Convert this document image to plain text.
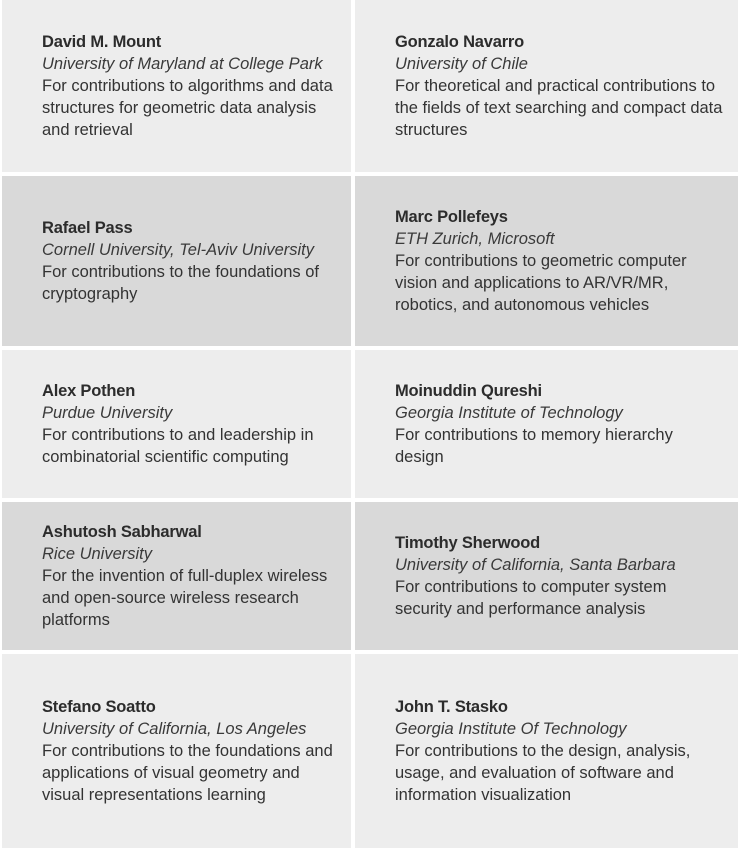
David M. Mount
University of Maryland at College Park
For contributions to algorithms and data structures for geometric data analysis and retrieval
Gonzalo Navarro
University of Chile
For theoretical and practical contributions to the fields of text searching and compact data structures
Rafael Pass
Cornell University, Tel-Aviv University
For contributions to the foundations of cryptography
Marc Pollefeys
ETH Zurich, Microsoft
For contributions to geometric computer vision and applications to AR/VR/MR, robotics, and autonomous vehicles
Alex Pothen
Purdue University
For contributions to and leadership in combinatorial scientific computing
Moinuddin Qureshi
Georgia Institute of Technology
For contributions to memory hierarchy design
Ashutosh Sabharwal
Rice University
For the invention of full-duplex wireless and open-source wireless research platforms
Timothy Sherwood
University of California, Santa Barbara
For contributions to computer system security and performance analysis
Stefano Soatto
University of California, Los Angeles
For contributions to the foundations and applications of visual geometry and visual representations learning
John T. Stasko
Georgia Institute Of Technology
For contributions to the design, analysis, usage, and evaluation of software and information visualization
